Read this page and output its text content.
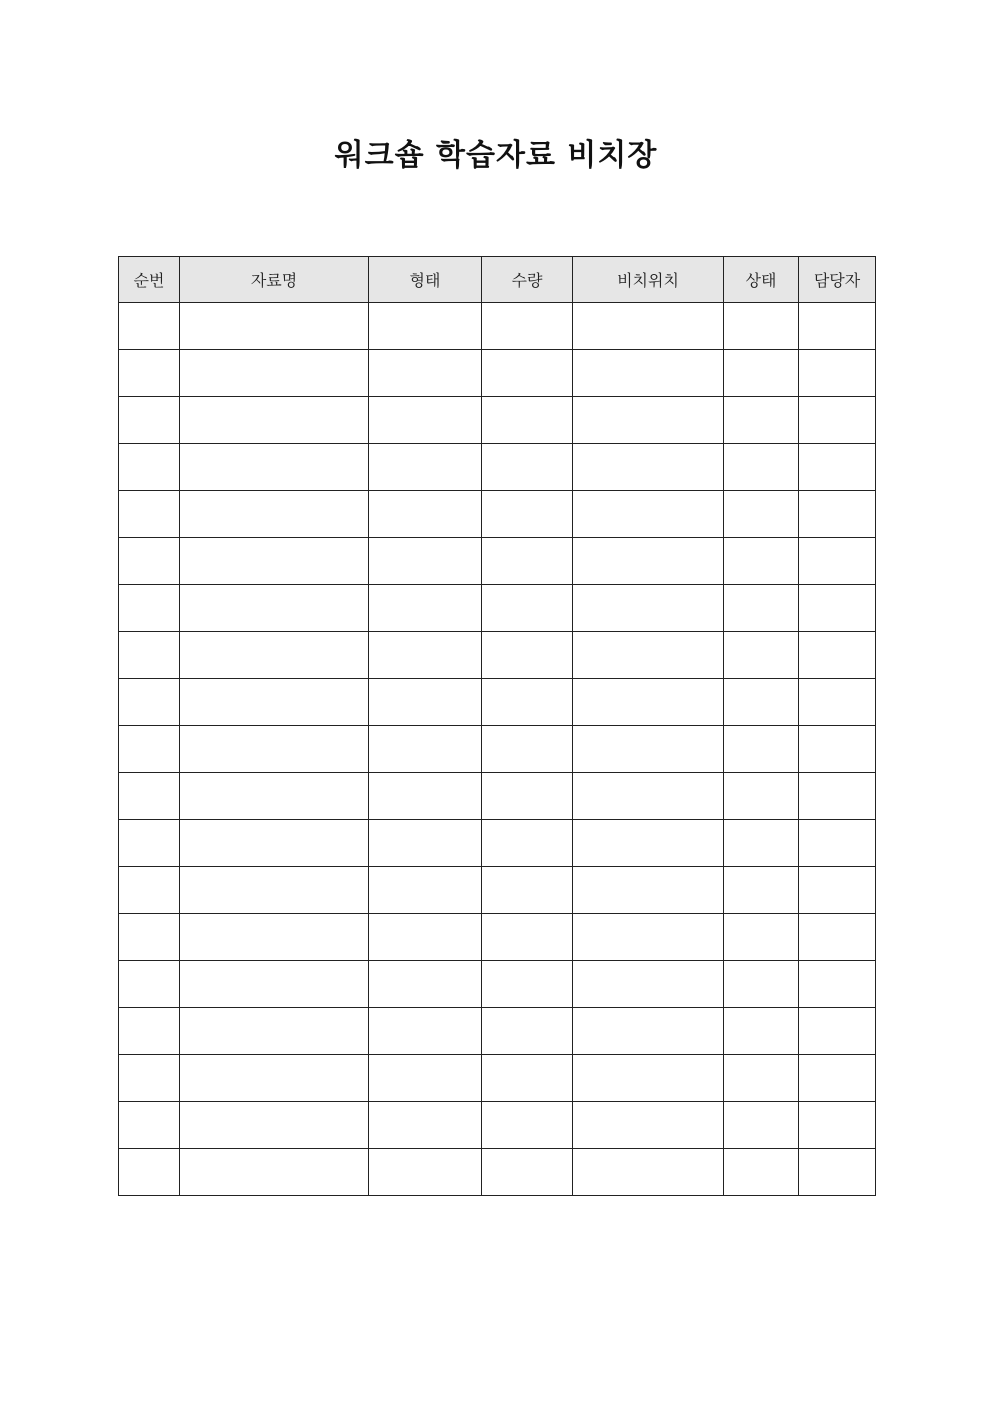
워크숍 학습자료 비치장
순번	자료명	형태	수량	비치위치	상태	담당자
